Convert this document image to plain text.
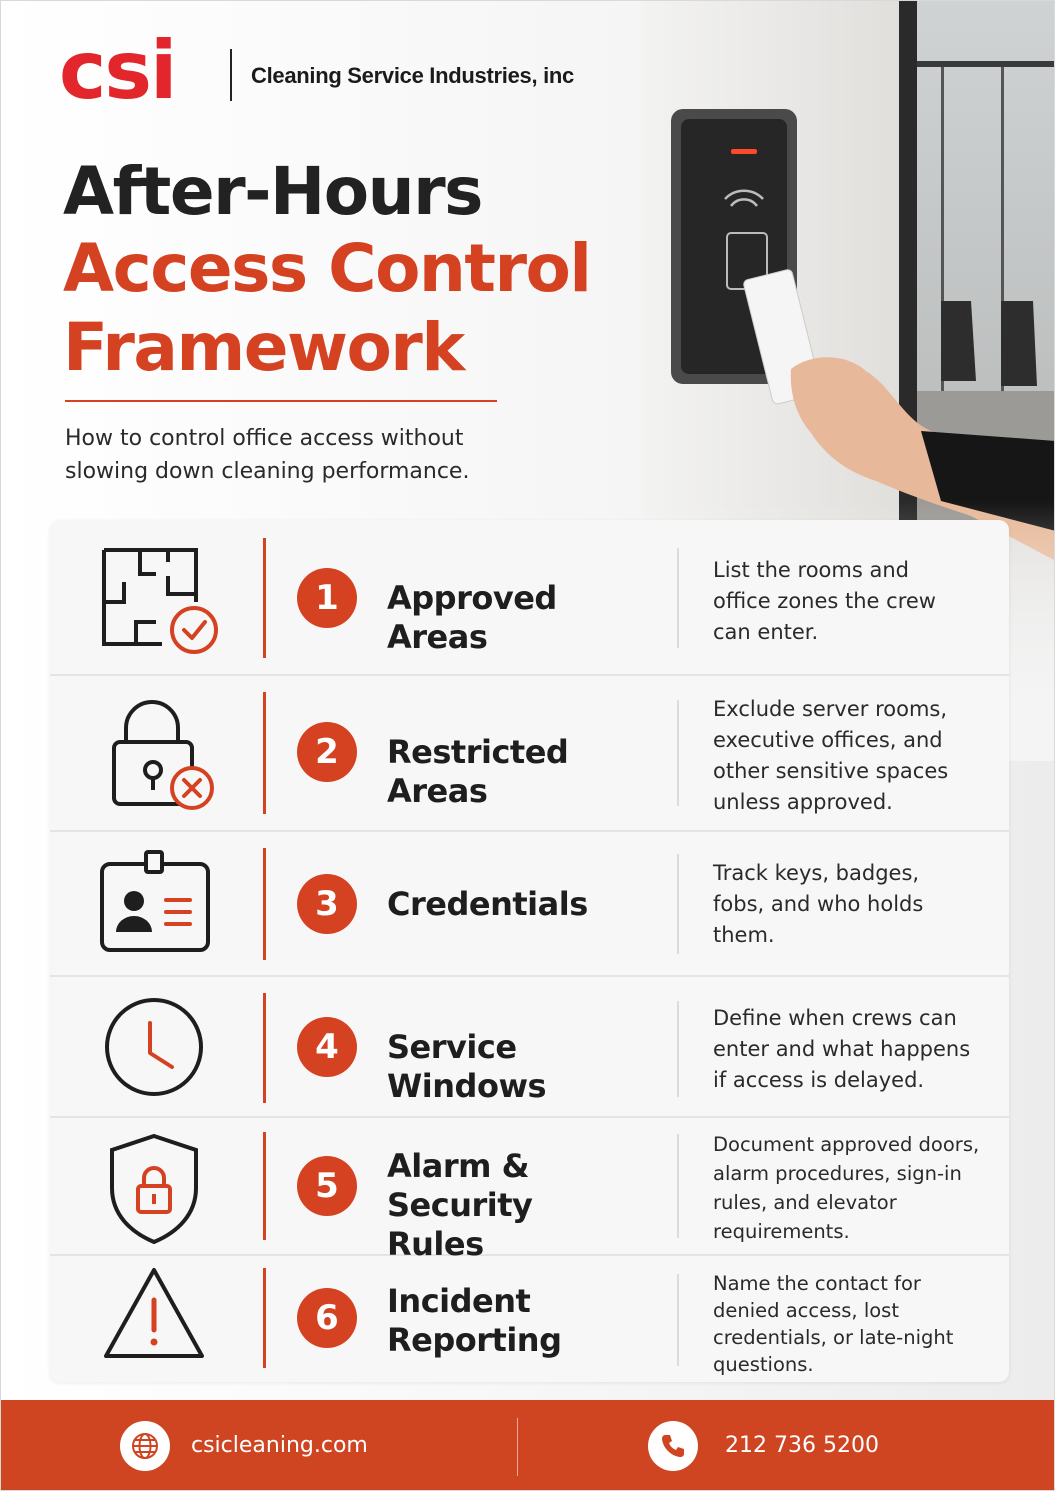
csi	Cleaning Service Industries, inc
After-Hours
Access Control
Framework
How to control office access without slowing down cleaning performance.
1	Approved Areas
List the rooms and office zones the crew can enter.
2	Restricted Areas
Exclude server rooms, executive offices, and other sensitive spaces unless approved.
3	Credentials
Track keys, badges, fobs, and who holds them.
4	Service Windows
Define when crews can enter and what happens if access is delayed.
5	Alarm & Security Rules
Document approved doors, alarm procedures, sign-in rules, and elevator requirements.
6	Incident Reporting
Name the contact for denied access, lost credentials, or late-night questions.
csicleaning.com	212 736 5200
